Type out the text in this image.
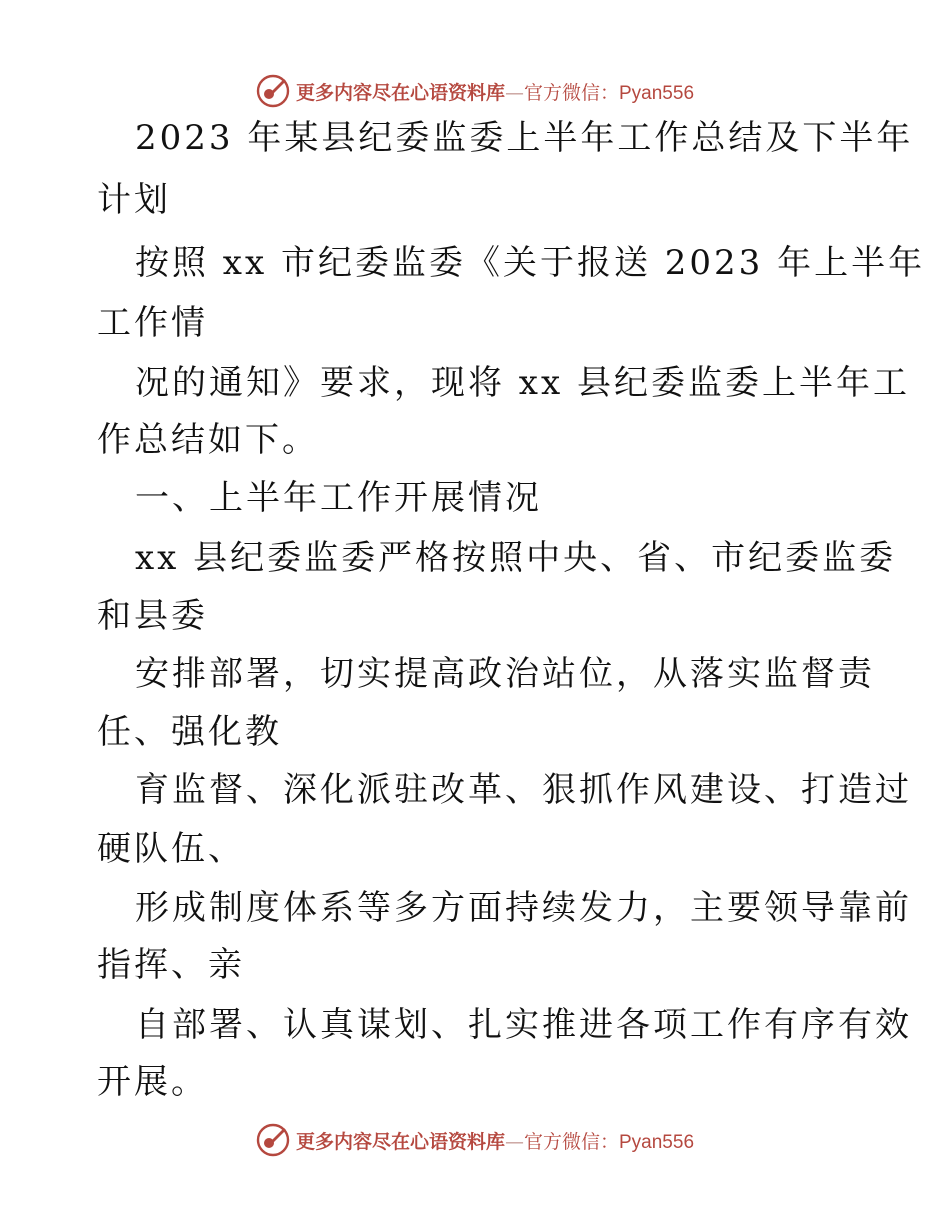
更多内容尽在心语资料库—官方微信：Pyan556
2023 年某县纪委监委上半年工作总结及下半年
计划
按照 xx 市纪委监委《关于报送 2023 年上半年
工作情
况的通知》要求，现将 xx 县纪委监委上半年工
作总结如下。
一、上半年工作开展情况
xx 县纪委监委严格按照中央、省、市纪委监委
和县委
安排部署，切实提高政治站位，从落实监督责
任、强化教
育监督、深化派驻改革、狠抓作风建设、打造过
硬队伍、
形成制度体系等多方面持续发力，主要领导靠前
指挥、亲
自部署、认真谋划、扎实推进各项工作有序有效
开展。
更多内容尽在心语资料库—官方微信：Pyan556
